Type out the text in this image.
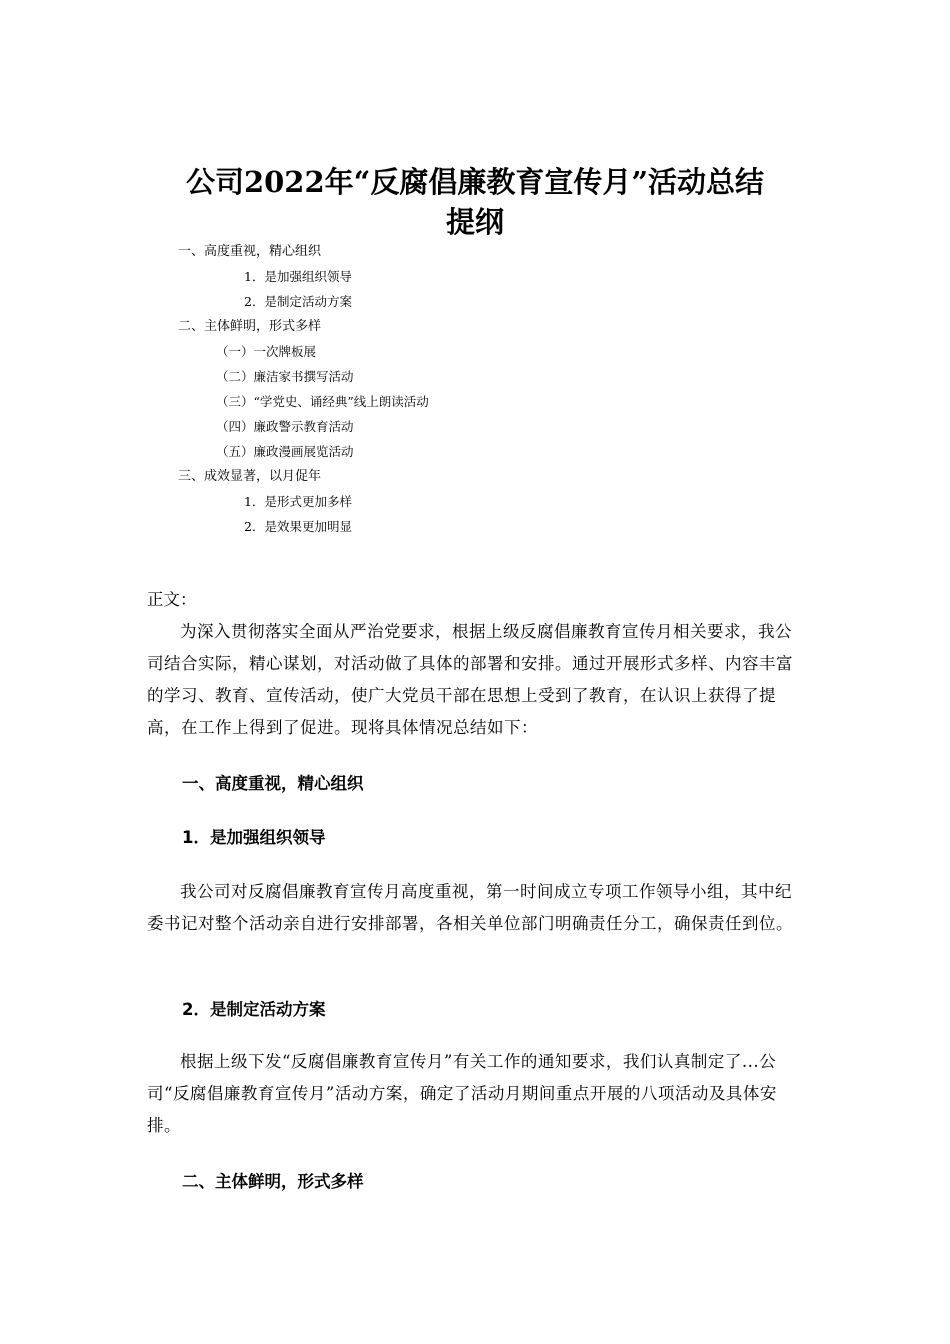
公司2022年“反腐倡廉教育宣传月”活动总结
提纲
一、高度重视，精心组织
1．是加强组织领导
2．是制定活动方案
二、主体鲜明，形式多样
（一）一次牌板展
（二）廉洁家书撰写活动
（三）“学党史、诵经典”线上朗读活动
（四）廉政警示教育活动
（五）廉政漫画展览活动
三、成效显著，以月促年
1．是形式更加多样
2．是效果更加明显
正文：

为深入贯彻落实全面从严治党要求，根据上级反腐倡廉教育宣传月相关要求，我公司结合实际，精心谋划，对活动做了具体的部署和安排。通过开展形式多样、内容丰富的学习、教育、宣传活动，使广大党员干部在思想上受到了教育，在认识上获得了提高，在工作上得到了促进。现将具体情况总结如下：

一、高度重视，精心组织
1．是加强组织领导

我公司对反腐倡廉教育宣传月高度重视，第一时间成立专项工作领导小组，其中纪委书记对整个活动亲自进行安排部署，各相关单位部门明确责任分工，确保责任到位。

2．是制定活动方案

根据上级下发“反腐倡廉教育宣传月”有关工作的通知要求，我们认真制定了...公司“反腐倡廉教育宣传月”活动方案，确定了活动月期间重点开展的八项活动及具体安排。

二、主体鲜明，形式多样
